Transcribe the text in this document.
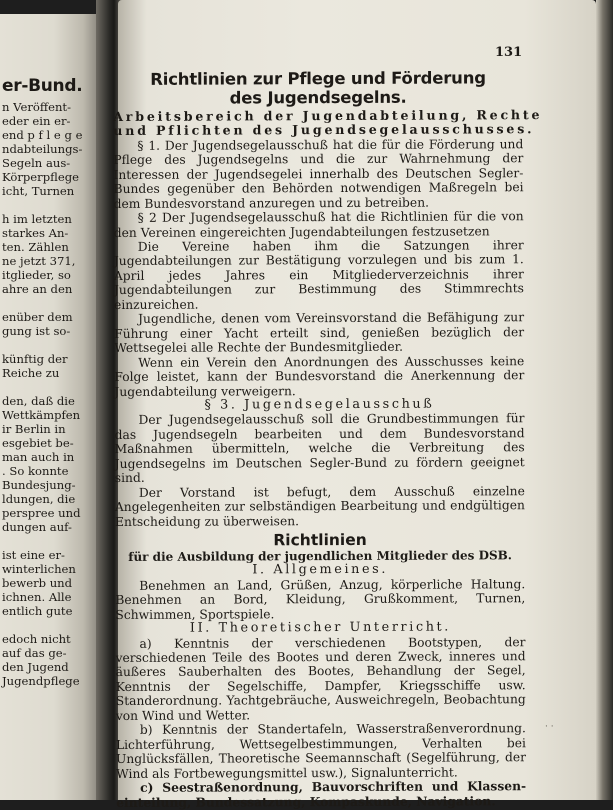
er-Bund.
n Veröffent-
eder ein er-
end p f l e g e
ndabteilungs-
Segeln aus-
Körperpflege
icht, Turnen
h im letzten
starkes An-
ten. Zählen
ne jetzt 371,
itglieder, so
ahre an den
enüber dem
gung ist so-
künftig der
Reiche zu
den, daß die
Wettkämpfen
ir Berlin in
esgebiet be-
man auch in
. So konnte
Bundesjung-
ldungen, die
perspree und
dungen auf-
ist eine er-
winterlichen
bewerb und
ichnen. Alle
entlich gute
edoch nicht
auf das ge-
den Jugend
Jugendpflege
131

Richtlinien zur Pflege und Förderung

des Jugendsegelns.

Arbeitsbereich der Jugendabteilung, Rechte

und Pflichten des Jugendsegelausschusses.

§ 1. Der Jugendsegelausschuß hat die für die Förderung und Pflege des Jugendsegelns und die zur Wahrnehmung der Interessen der Jugendsegelei innerhalb des Deutschen Segler-Bundes gegenüber den Behörden notwendigen Maßregeln bei dem Bundesvorstand anzuregen und zu betreiben.

§ 2 Der Jugendsegelausschuß hat die Richtlinien für die von den Vereinen eingereichten Jugendabteilungen festzusetzen

Die Vereine haben ihm die Satzungen ihrer Jugendabteilungen zur Bestätigung vorzulegen und bis zum 1. April jedes Jahres ein Mitgliederverzeichnis ihrer Jugendabteilungen zur Bestimmung des Stimmrechts einzureichen.

Jugendliche, denen vom Vereinsvorstand die Befähigung zur Führung einer Yacht erteilt sind, genießen bezüglich der Wettsegelei alle Rechte der Bundesmitglieder.

Wenn ein Verein den Anordnungen des Ausschusses keine Folge leistet, kann der Bundesvorstand die Anerkennung der Jugendabteilung verweigern.

§ 3. Jugendsegelausschuß

Der Jugendsegelausschuß soll die Grundbestimmungen für das Jugendsegeln bearbeiten und dem Bundesvorstand Maßnahmen übermitteln, welche die Verbreitung des Jugendsegelns im Deutschen Segler-Bund zu fördern geeignet sind.

Der Vorstand ist befugt, dem Ausschuß einzelne Angelegenheiten zur selbständigen Bearbeitung und endgültigen Entscheidung zu überweisen.

Richtlinien

für die Ausbildung der jugendlichen Mitglieder des DSB.

I. Allgemeines.

Benehmen an Land, Grüßen, Anzug, körperliche Haltung. Benehmen an Bord, Kleidung, Grußkomment, Turnen, Schwimmen, Sportspiele.

II. Theoretischer Unterricht.

a) Kenntnis der verschiedenen Bootstypen, der verschiedenen Teile des Bootes und deren Zweck, inneres und äußeres Sauberhalten des Bootes, Behandlung der Segel, Kenntnis der Segelschiffe, Dampfer, Kriegsschiffe usw. Standerordnung. Yachtgebräuche, Ausweichregeln, Beobachtung von Wind und Wetter.

b) Kenntnis der Standertafeln, Wasserstraßenverordnung. Lichterführung, Wettsegelbestimmungen, Verhalten bei Unglücksfällen, Theoretische Seemannschaft (Segelführung, der Wind als Fortbewegungsmittel usw.), Signalunterricht.

c) Seestraßenordnung, Bauvorschriften und Klasseneinteilung, Bundessatzung, Kompaskunde, Navigation.

· ·
